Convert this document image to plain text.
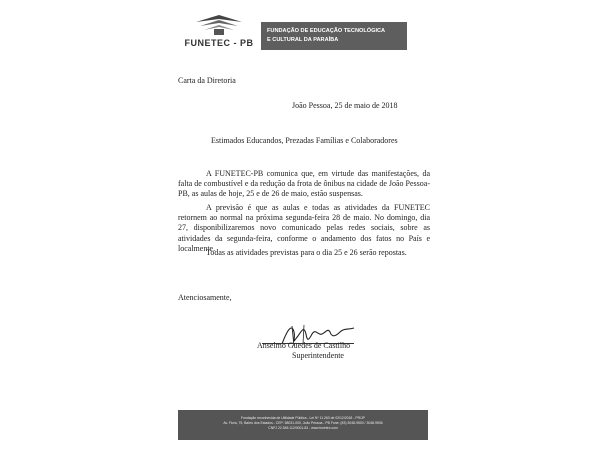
FUNETEC - PB
FUNDAÇÃO DE EDUCAÇÃO TECNOLÓGICA
E CULTURAL DA PARAÍBA
Carta da Diretoria
João Pessoa, 25 de maio de 2018
Estimados Educandos, Prezadas Famílias e Colaboradores
A FUNETEC-PB comunica que, em virtude das manifestações, da falta de combustível e da redução da frota de ônibus na cidade de João Pessoa-PB, as aulas de hoje, 25 e de 26 de maio, estão suspensas.
A previsão é que as aulas e todas as atividades da FUNETEC retornem ao normal na próxima segunda-feira 28 de maio. No domingo, dia 27, disponibilizaremos novo comunicado pelas redes sociais, sobre as atividades da segunda-feira, conforme o andamento dos fatos no País e localmente.
Todas as atividades previstas para o dia 25 e 26 serão repostas.
Atenciosamente,
Anselmo Guedes de Castilho
Superintendente
Fundação reconhecida de Utilidade Pública - Lei Nº 11.263 de 02/12/2018 - PR/JP
Av. Flora, 75, Bairro dos Estados - CEP: 58031-000, João Pessoa - PB Fone: (83) 3048-9500 / 3048-9506
CNPJ 22.545.112/0001-83 - www.funetec.com
